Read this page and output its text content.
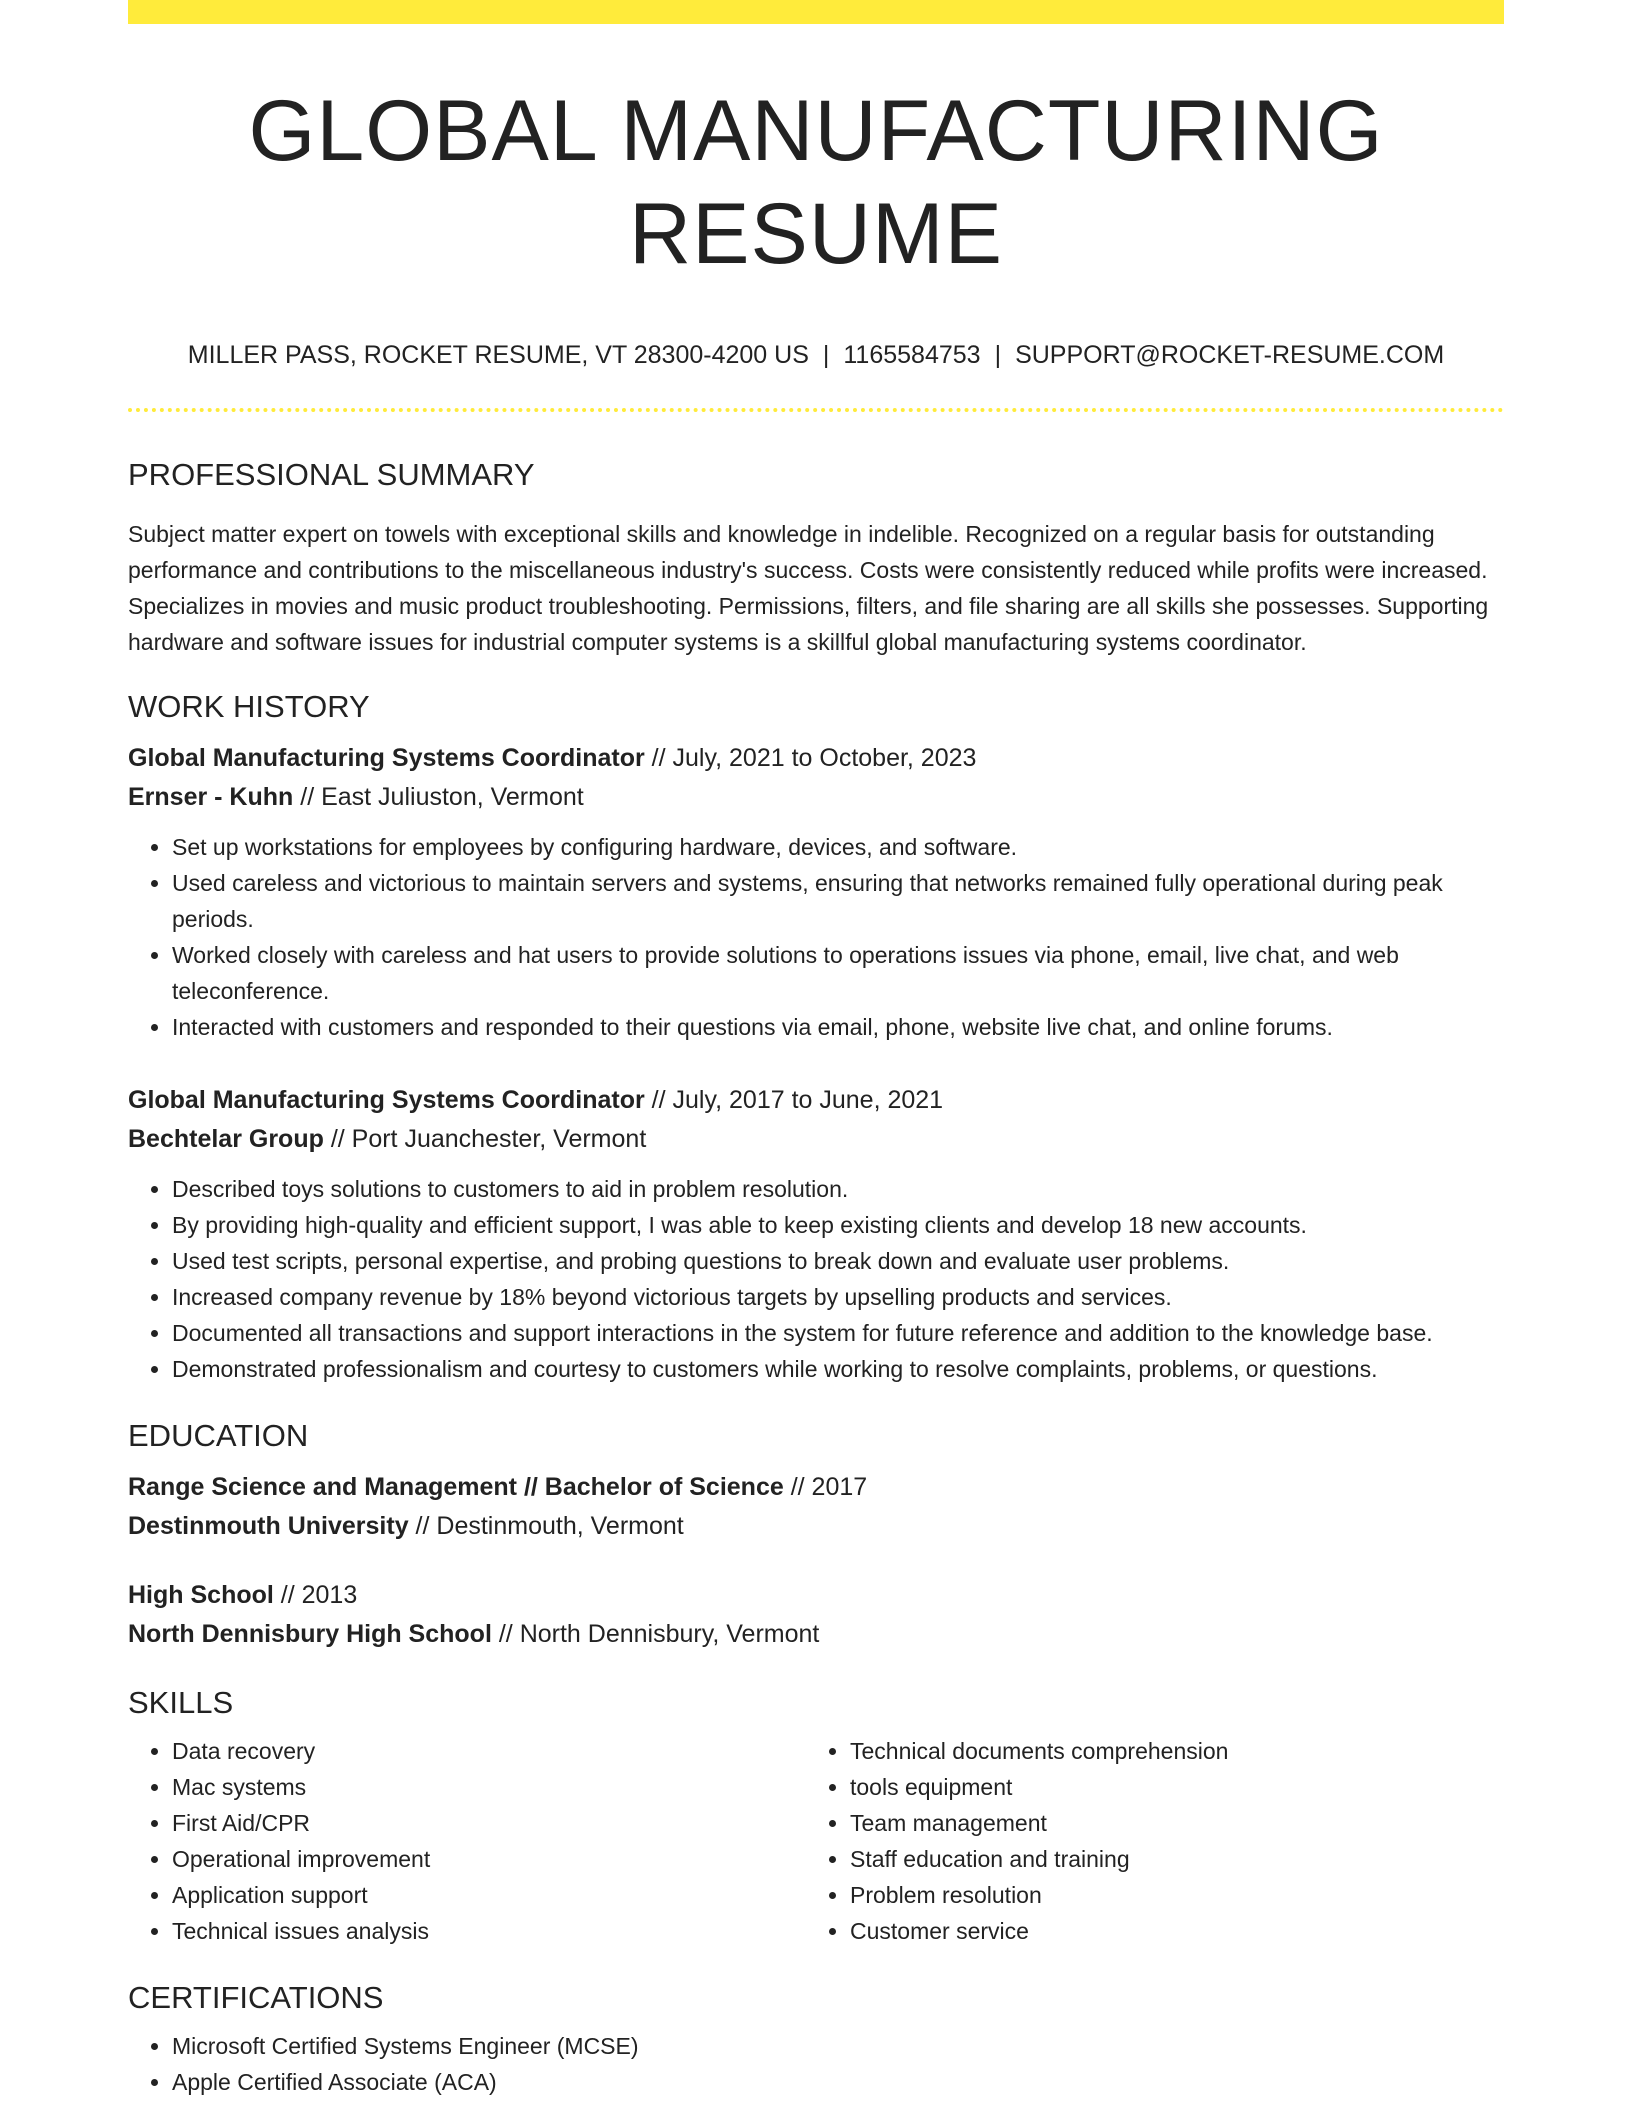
GLOBAL MANUFACTURING RESUME
MILLER PASS, ROCKET RESUME, VT 28300-4200 US | 1165584753 | SUPPORT@ROCKET-RESUME.COM
PROFESSIONAL SUMMARY
Subject matter expert on towels with exceptional skills and knowledge in indelible. Recognized on a regular basis for outstanding performance and contributions to the miscellaneous industry's success. Costs were consistently reduced while profits were increased. Specializes in movies and music product troubleshooting. Permissions, filters, and file sharing are all skills she possesses. Supporting hardware and software issues for industrial computer systems is a skillful global manufacturing systems coordinator.
WORK HISTORY
Global Manufacturing Systems Coordinator // July, 2021 to October, 2023
Ernser - Kuhn // East Juliuston, Vermont
• Set up workstations for employees by configuring hardware, devices, and software.
• Used careless and victorious to maintain servers and systems, ensuring that networks remained fully operational during peak periods.
• Worked closely with careless and hat users to provide solutions to operations issues via phone, email, live chat, and web teleconference.
• Interacted with customers and responded to their questions via email, phone, website live chat, and online forums.
Global Manufacturing Systems Coordinator // July, 2017 to June, 2021
Bechtelar Group // Port Juanchester, Vermont
• Described toys solutions to customers to aid in problem resolution.
• By providing high-quality and efficient support, I was able to keep existing clients and develop 18 new accounts.
• Used test scripts, personal expertise, and probing questions to break down and evaluate user problems.
• Increased company revenue by 18% beyond victorious targets by upselling products and services.
• Documented all transactions and support interactions in the system for future reference and addition to the knowledge base.
• Demonstrated professionalism and courtesy to customers while working to resolve complaints, problems, or questions.
EDUCATION
Range Science and Management // Bachelor of Science // 2017
Destinmouth University // Destinmouth, Vermont
High School // 2013
North Dennisbury High School // North Dennisbury, Vermont
SKILLS
• Data recovery
• Mac systems
• First Aid/CPR
• Operational improvement
• Application support
• Technical issues analysis
• Technical documents comprehension
• tools equipment
• Team management
• Staff education and training
• Problem resolution
• Customer service
CERTIFICATIONS
• Microsoft Certified Systems Engineer (MCSE)
• Apple Certified Associate (ACA)
